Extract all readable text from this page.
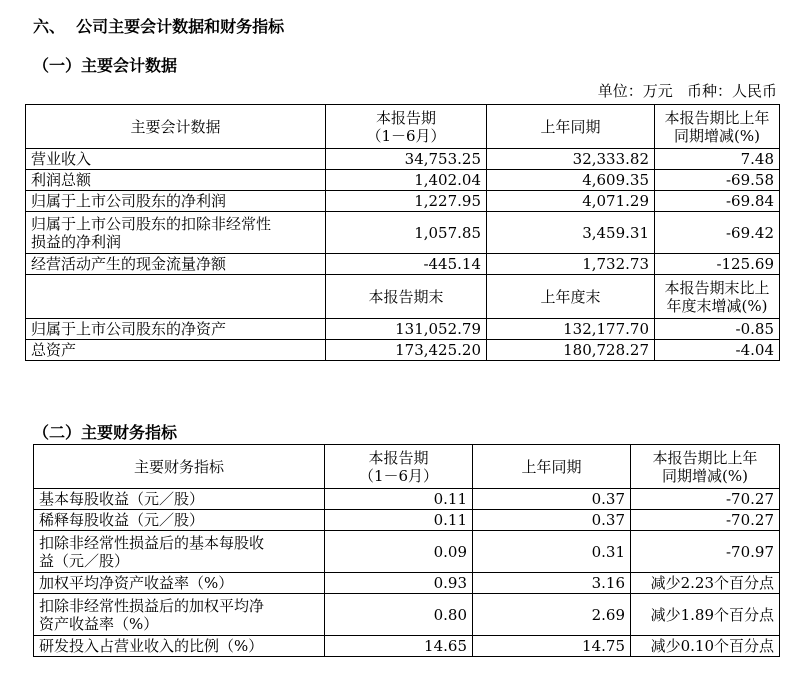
六、  公司主要会计数据和财务指标
（一）主要会计数据
单位：万元   币种：人民币
主要会计数据	本报告期
（1－6月）	上年同期	本报告期比上年
同期增减(%)
营业收入	34,753.25	32,333.82	7.48
利润总额	1,402.04	4,609.35	-69.58
归属于上市公司股东的净利润	1,227.95	4,071.29	-69.84
归属于上市公司股东的扣除非经常性
损益的净利润	1,057.85	3,459.31	-69.42
经营活动产生的现金流量净额	-445.14	1,732.73	-125.69
	本报告期末	上年度末	本报告期末比上
年度末增减(%)
归属于上市公司股东的净资产	131,052.79	132,177.70	-0.85
总资产	173,425.20	180,728.27	-4.04
（二）主要财务指标
主要财务指标	本报告期
（1－6月）	上年同期	本报告期比上年
同期增减(%)
基本每股收益（元／股）	0.11	0.37	-70.27
稀释每股收益（元／股）	0.11	0.37	-70.27
扣除非经常性损益后的基本每股收
益（元／股）	0.09	0.31	-70.97
加权平均净资产收益率（%）	0.93	3.16	减少2.23个百分点
扣除非经常性损益后的加权平均净
资产收益率（%）	0.80	2.69	减少1.89个百分点
研发投入占营业收入的比例（%）	14.65	14.75	减少0.10个百分点
